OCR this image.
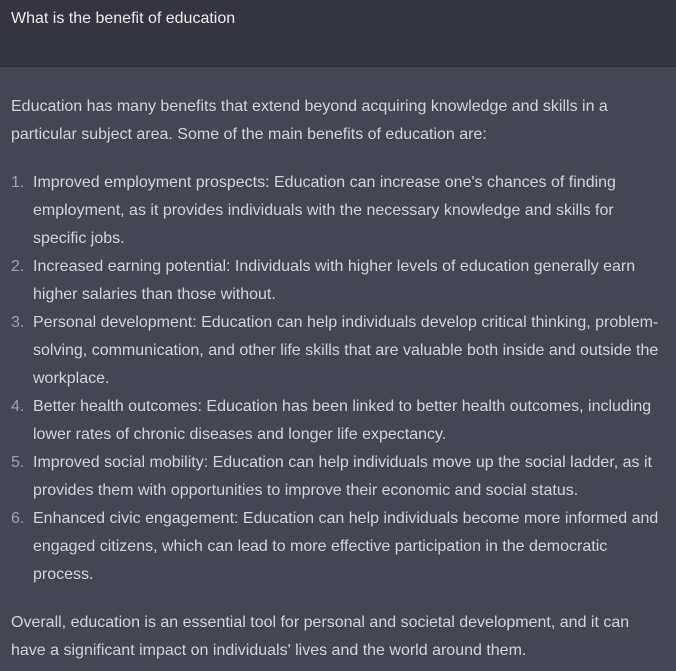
What is the benefit of education

Education has many benefits that extend beyond acquiring knowledge and skills in a particular subject area. Some of the main benefits of education are:

1. Improved employment prospects: Education can increase one's chances of finding employment, as it provides individuals with the necessary knowledge and skills for specific jobs.
2. Increased earning potential: Individuals with higher levels of education generally earn higher salaries than those without.
3. Personal development: Education can help individuals develop critical thinking, problem-solving, communication, and other life skills that are valuable both inside and outside the workplace.
4. Better health outcomes: Education has been linked to better health outcomes, including lower rates of chronic diseases and longer life expectancy.
5. Improved social mobility: Education can help individuals move up the social ladder, as it provides them with opportunities to improve their economic and social status.
6. Enhanced civic engagement: Education can help individuals become more informed and engaged citizens, which can lead to more effective participation in the democratic process.

Overall, education is an essential tool for personal and societal development, and it can have a significant impact on individuals' lives and the world around them.
